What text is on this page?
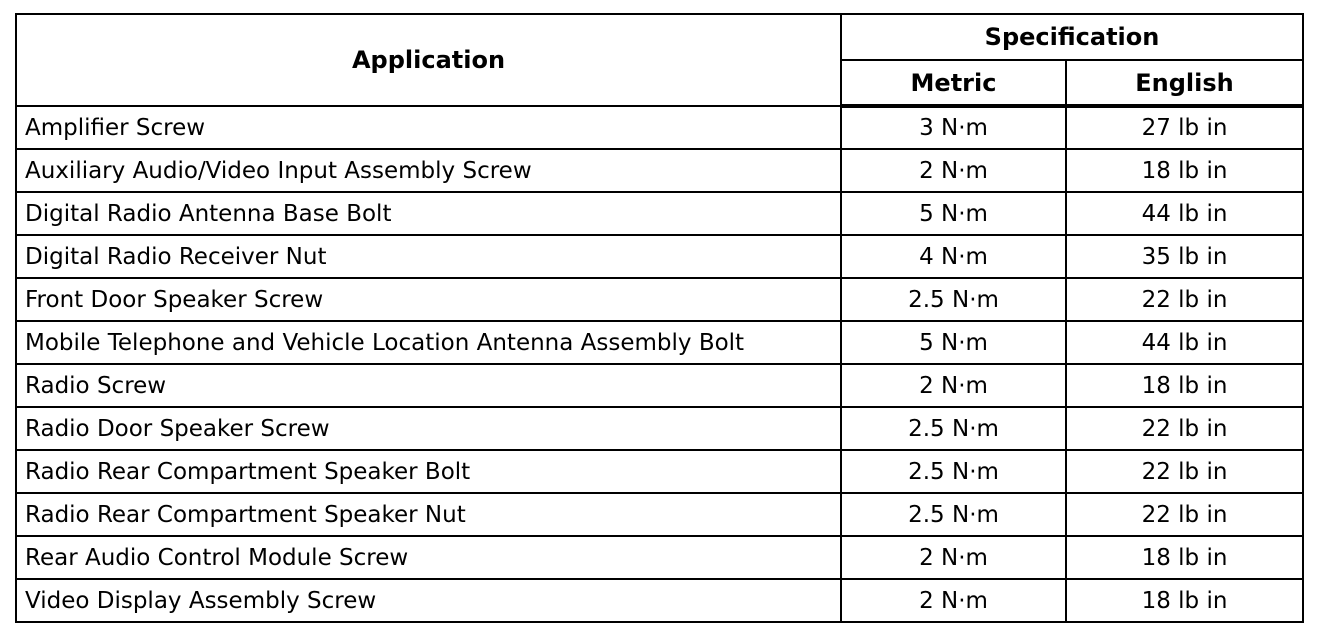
Application	Specification	
	Metric	English
Amplifier Screw	3 N·m	27 lb in
Auxiliary Audio/Video Input Assembly Screw	2 N·m	18 lb in
Digital Radio Antenna Base Bolt	5 N·m	44 lb in
Digital Radio Receiver Nut	4 N·m	35 lb in
Front Door Speaker Screw	2.5 N·m	22 lb in
Mobile Telephone and Vehicle Location Antenna Assembly Bolt	5 N·m	44 lb in
Radio Screw	2 N·m	18 lb in
Radio Door Speaker Screw	2.5 N·m	22 lb in
Radio Rear Compartment Speaker Bolt	2.5 N·m	22 lb in
Radio Rear Compartment Speaker Nut	2.5 N·m	22 lb in
Rear Audio Control Module Screw	2 N·m	18 lb in
Video Display Assembly Screw	2 N·m	18 lb in
